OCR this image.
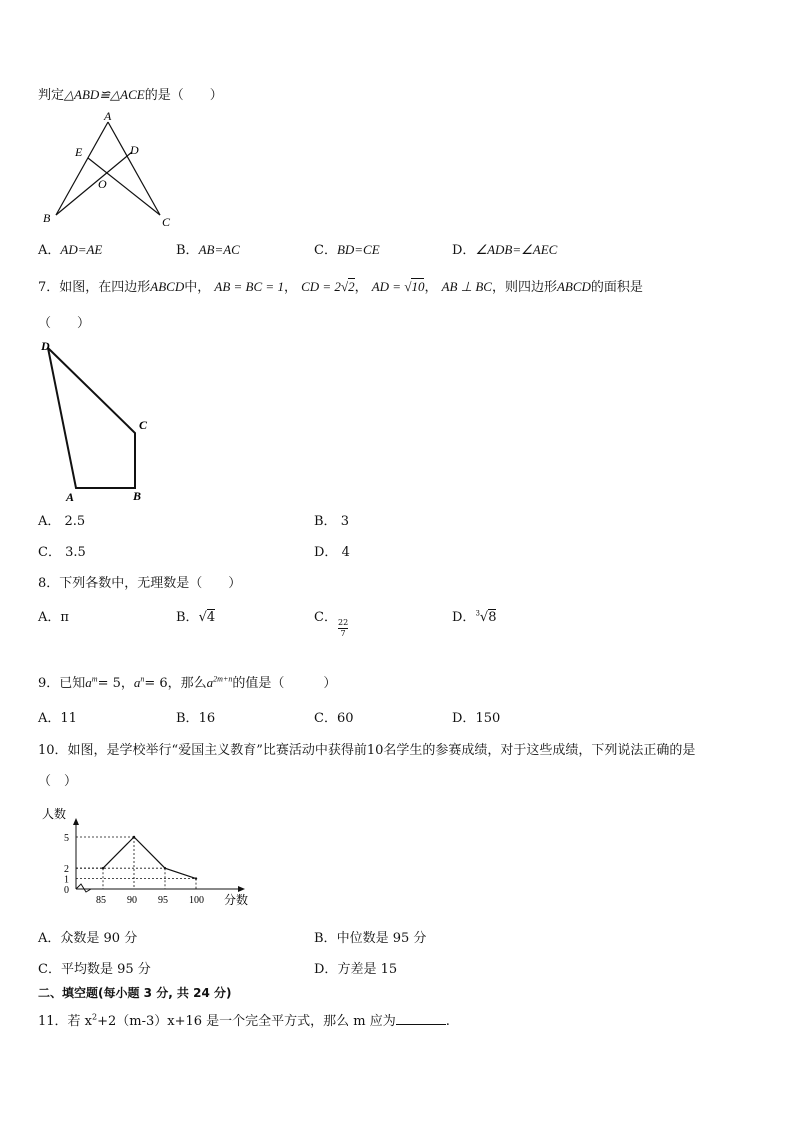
判定△ABD≌△ACE的是（　　）
A
B	C
D
E
O
A．AD=AE	B．AB=AC	C．BD=CE	D．∠ADB=∠AEC
7．如图，在四边形ABCD中， AB = BC = 1， CD = 2√2， AD = √10， AB ⊥ BC，则四边形ABCD的面积是
（　　）
D
C
A	B
A． 2.5	B． 3
C． 3.5	D． 4
8．下列各数中，无理数是（　　）
A．π	B．√4	C． 22
7
D．$^3$√8
9．已知$a^m= 5$，$a^n= 6$，那么$a^{2m+n}$的值是（　　　）
A．11	B．16	C．60	D．150
10．如图，是学校举行“爱国主义教育”比赛活动中获得前10名学生的参赛成绩，对于这些成绩，下列说法正确的是
（　）
85 90 95 100
0
1
2
5
人数
分数
A．众数是 90 分	B．中位数是 95 分
C．平均数是 95 分	D．方差是 15
二、填空题(每小题 3 分, 共 24 分)
11．若 $x^2+2(m-3)x+16$ 是一个完全平方式，那么 m 应为	.
